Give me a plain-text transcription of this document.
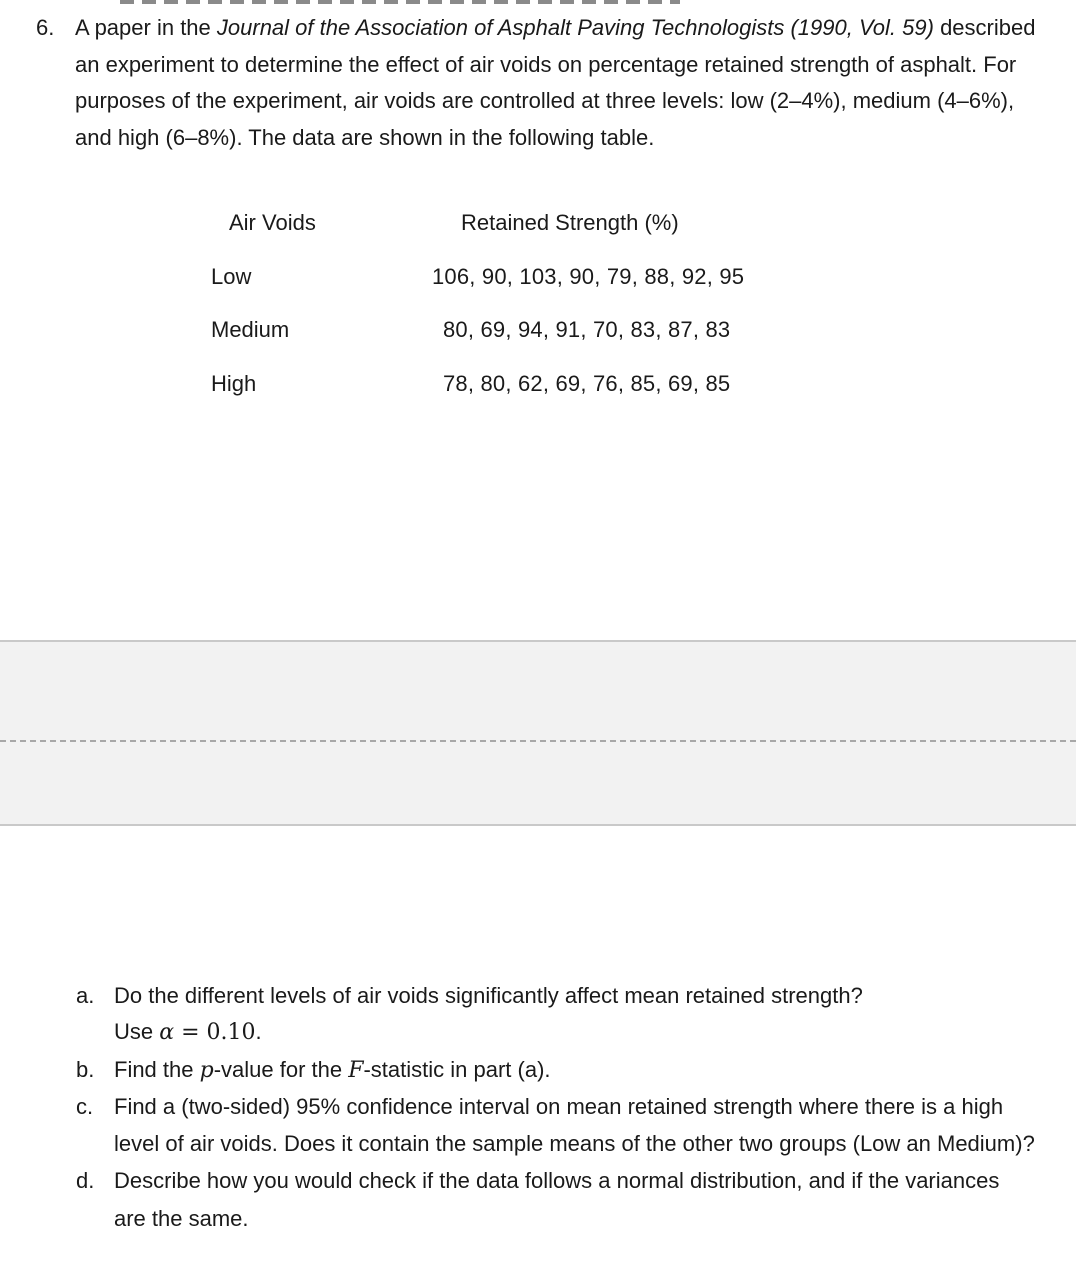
6. A paper in the Journal of the Association of Asphalt Paving Technologists (1990, Vol. 59) described an experiment to determine the effect of air voids on percentage retained strength of asphalt. For purposes of the experiment, air voids are controlled at three levels: low (2–4%), medium (4–6%), and high (6–8%). The data are shown in the following table.
Air Voids	Retained Strength (%)
Low	106, 90, 103, 90, 79, 88, 92, 95
Medium	80, 69, 94, 91, 70, 83, 87, 83
High	78, 80, 62, 69, 76, 85, 69, 85
a. Do the different levels of air voids significantly affect mean retained strength?
Use α = 0.10.
b. Find the p-value for the F-statistic in part (a).
c. Find a (two-sided) 95% confidence interval on mean retained strength where there is a high level of air voids. Does it contain the sample means of the other two groups (Low an Medium)?
d. Describe how you would check if the data follows a normal distribution, and if the variances are the same.
